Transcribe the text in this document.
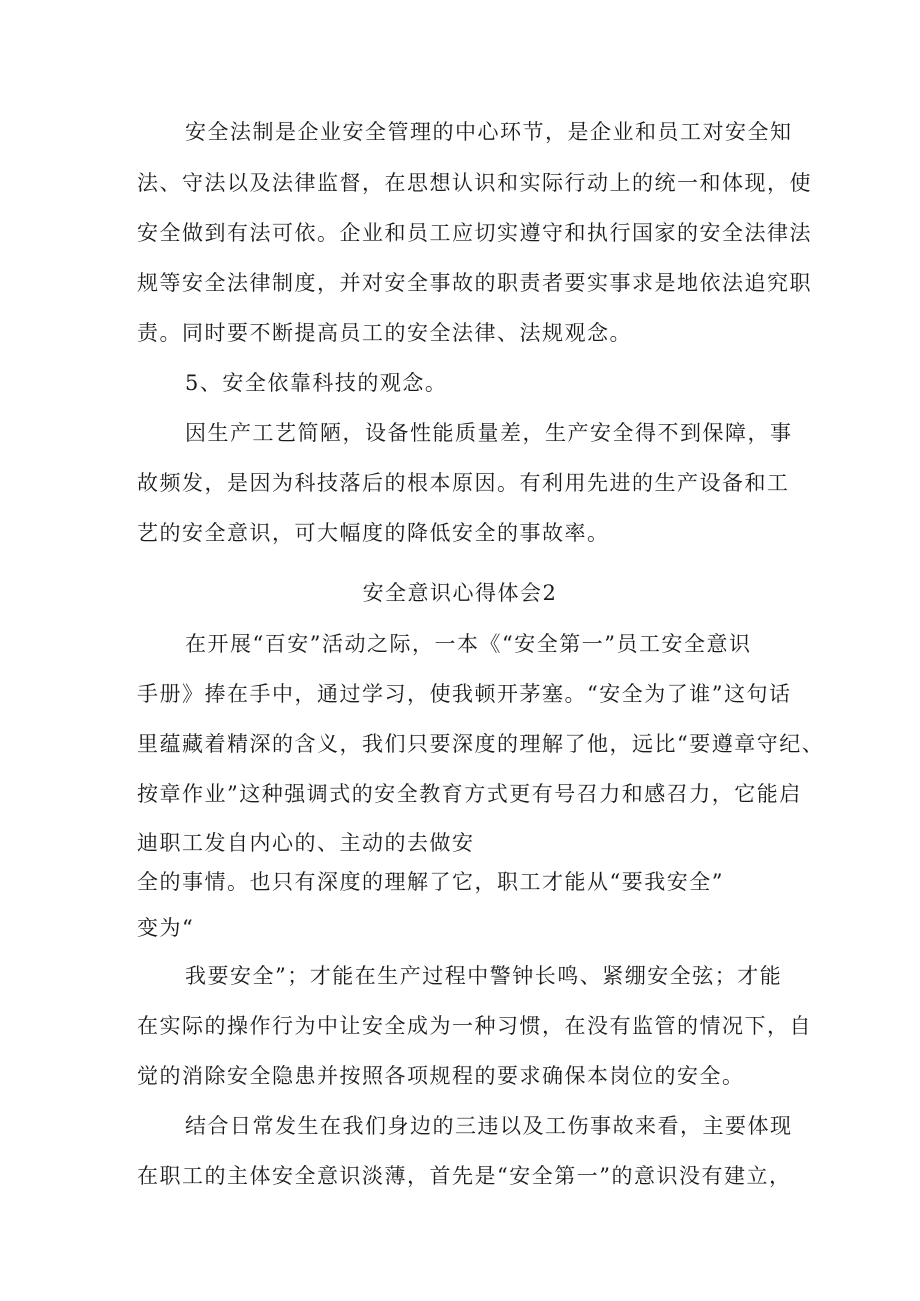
安全法制是企业安全管理的中心环节，是企业和员工对安全知
法、守法以及法律监督，在思想认识和实际行动上的统一和体现，使
安全做到有法可依。企业和员工应切实遵守和执行国家的安全法律法
规等安全法律制度，并对安全事故的职责者要实事求是地依法追究职
责。同时要不断提高员工的安全法律、法规观念。
5、安全依靠科技的观念。
因生产工艺简陋，设备性能质量差，生产安全得不到保障，事
故频发，是因为科技落后的根本原因。有利用先进的生产设备和工
艺的安全意识，可大幅度的降低安全的事故率。
安全意识心得体会2
在开展“百安”活动之际，一本《“安全第一”员工安全意识
手册》捧在手中，通过学习，使我顿开茅塞。“安全为了谁”这句话
里蕴藏着精深的含义，我们只要深度的理解了他，远比“要遵章守纪、
按章作业”这种强调式的安全教育方式更有号召力和感召力，它能启
迪职工发自内心的、主动的去做安
全的事情。也只有深度的理解了它，职工才能从“要我安全”
变为“
我要安全”；才能在生产过程中警钟长鸣、紧绷安全弦；才能
在实际的操作行为中让安全成为一种习惯，在没有监管的情况下，自
觉的消除安全隐患并按照各项规程的要求确保本岗位的安全。
结合日常发生在我们身边的三违以及工伤事故来看，主要体现
在职工的主体安全意识淡薄，首先是“安全第一”的意识没有建立，
